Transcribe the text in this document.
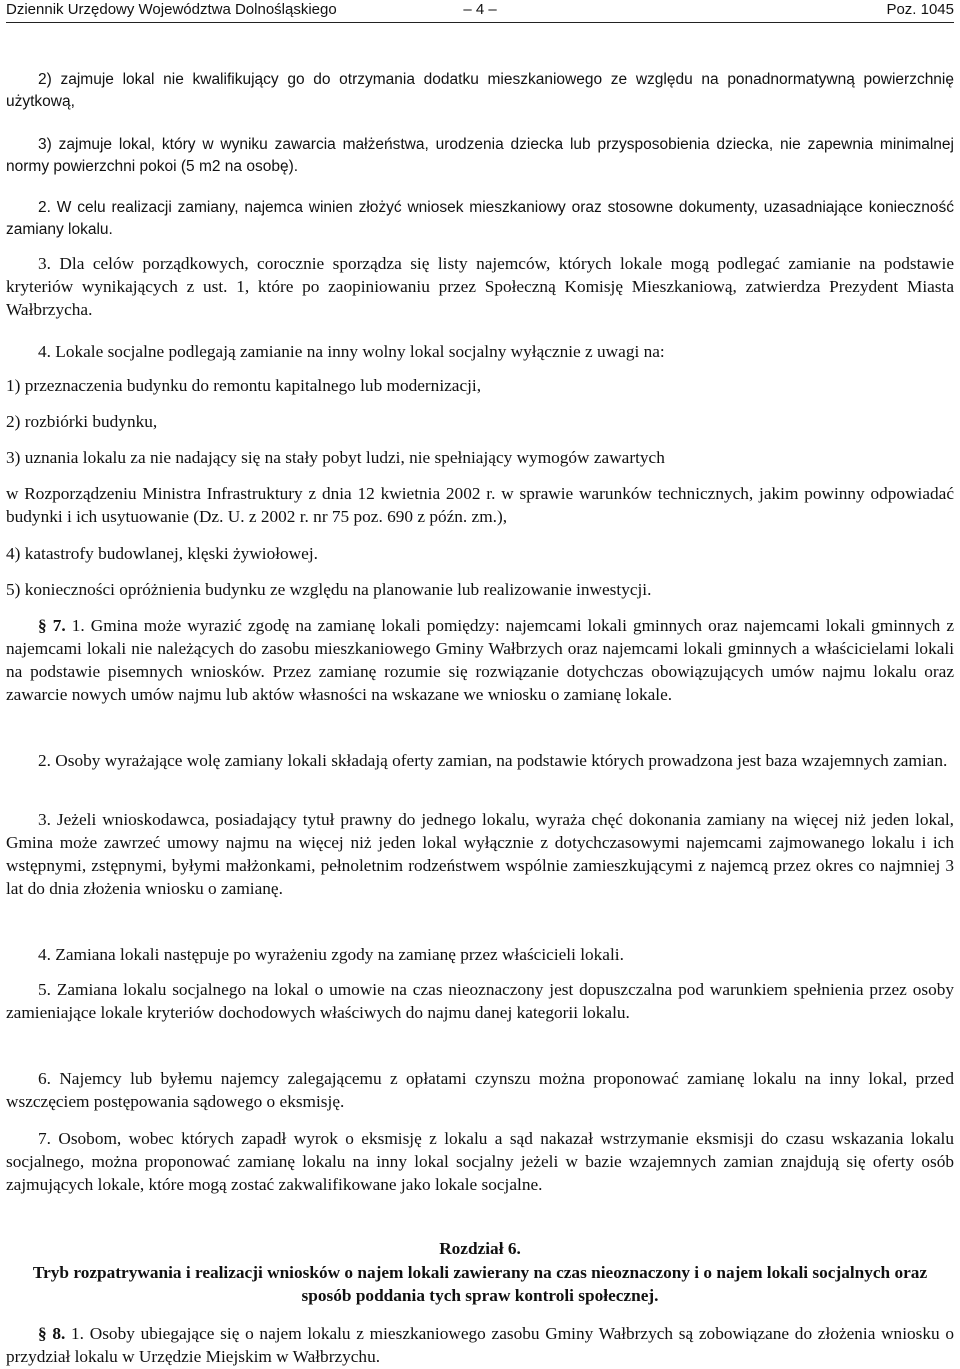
Dziennik Urzędowy Województwa Dolnośląskiego	– 4 –	Poz. 1045

2) zajmuje lokal nie kwalifikujący go do otrzymania dodatku mieszkaniowego ze względu na ponadnormatywną powierzchnię użytkową,

3) zajmuje lokal, który w wyniku zawarcia małżeństwa, urodzenia dziecka lub przysposobienia dziecka, nie zapewnia minimalnej normy powierzchni pokoi (5 m2 na osobę).

2. W celu realizacji zamiany, najemca winien złożyć wniosek mieszkaniowy oraz stosowne dokumenty, uzasadniające konieczność zamiany lokalu.

3. Dla celów porządkowych, corocznie sporządza się listy najemców, których lokale mogą podlegać zamianie na podstawie kryteriów wynikających z ust. 1, które po zaopiniowaniu przez Społeczną Komisję Mieszkaniową, zatwierdza Prezydent Miasta Wałbrzycha.

4. Lokale socjalne podlegają zamianie na inny wolny lokal socjalny wyłącznie z uwagi na:

1) przeznaczenia budynku do remontu kapitalnego lub modernizacji,

2) rozbiórki budynku,

3) uznania lokalu za nie nadający się na stały pobyt ludzi, nie spełniający wymogów zawartych

w Rozporządzeniu Ministra Infrastruktury z dnia 12 kwietnia 2002 r. w sprawie warunków technicznych, jakim powinny odpowiadać budynki i ich usytuowanie (Dz. U. z 2002 r. nr 75 poz. 690 z późn. zm.),

4) katastrofy budowlanej, klęski żywiołowej.

5) konieczności opróżnienia budynku ze względu na planowanie lub realizowanie inwestycji.

§ 7. 1. Gmina może wyrazić zgodę na zamianę lokali pomiędzy: najemcami lokali gminnych oraz najemcami lokali gminnych z najemcami lokali nie należących do zasobu mieszkaniowego Gminy Wałbrzych oraz najemcami lokali gminnych a właścicielami lokali na podstawie pisemnych wniosków. Przez zamianę rozumie się rozwiązanie dotychczas obowiązujących umów najmu lokalu oraz zawarcie nowych umów najmu lub aktów własności na wskazane we wniosku o zamianę lokale.

2. Osoby wyrażające wolę zamiany lokali składają oferty zamian, na podstawie których prowadzona jest baza wzajemnych zamian.

3. Jeżeli wnioskodawca, posiadający tytuł prawny do jednego lokalu, wyraża chęć dokonania zamiany na więcej niż jeden lokal, Gmina może zawrzeć umowy najmu na więcej niż jeden lokal wyłącznie z dotychczasowymi najemcami zajmowanego lokalu i ich wstępnymi, zstępnymi, byłymi małżonkami, pełnoletnim rodzeństwem wspólnie zamieszkującymi z najemcą przez okres co najmniej 3 lat do dnia złożenia wniosku o zamianę.

4. Zamiana lokali następuje po wyrażeniu zgody na zamianę przez właścicieli lokali.

5. Zamiana lokalu socjalnego na lokal o umowie na czas nieoznaczony jest dopuszczalna pod warunkiem spełnienia przez osoby zamieniające lokale kryteriów dochodowych właściwych do najmu danej kategorii lokalu.

6. Najemcy lub byłemu najemcy zalegającemu z opłatami czynszu można proponować zamianę lokalu na inny lokal, przed wszczęciem postępowania sądowego o eksmisję.

7. Osobom, wobec których zapadł wyrok o eksmisję z lokalu a sąd nakazał wstrzymanie eksmisji do czasu wskazania lokalu socjalnego, można proponować zamianę lokalu na inny lokal socjalny jeżeli w bazie wzajemnych zamian znajdują się oferty osób zajmujących lokale, które mogą zostać zakwalifikowane jako lokale socjalne.

Rozdział 6.

Tryb rozpatrywania i realizacji wniosków o najem lokali zawierany na czas nieoznaczony i o najem lokali socjalnych oraz sposób poddania tych spraw kontroli społecznej.

§ 8. 1. Osoby ubiegające się o najem lokalu z mieszkaniowego zasobu Gminy Wałbrzych są zobowiązane do złożenia wniosku o przydział lokalu w Urzędzie Miejskim w Wałbrzychu.
